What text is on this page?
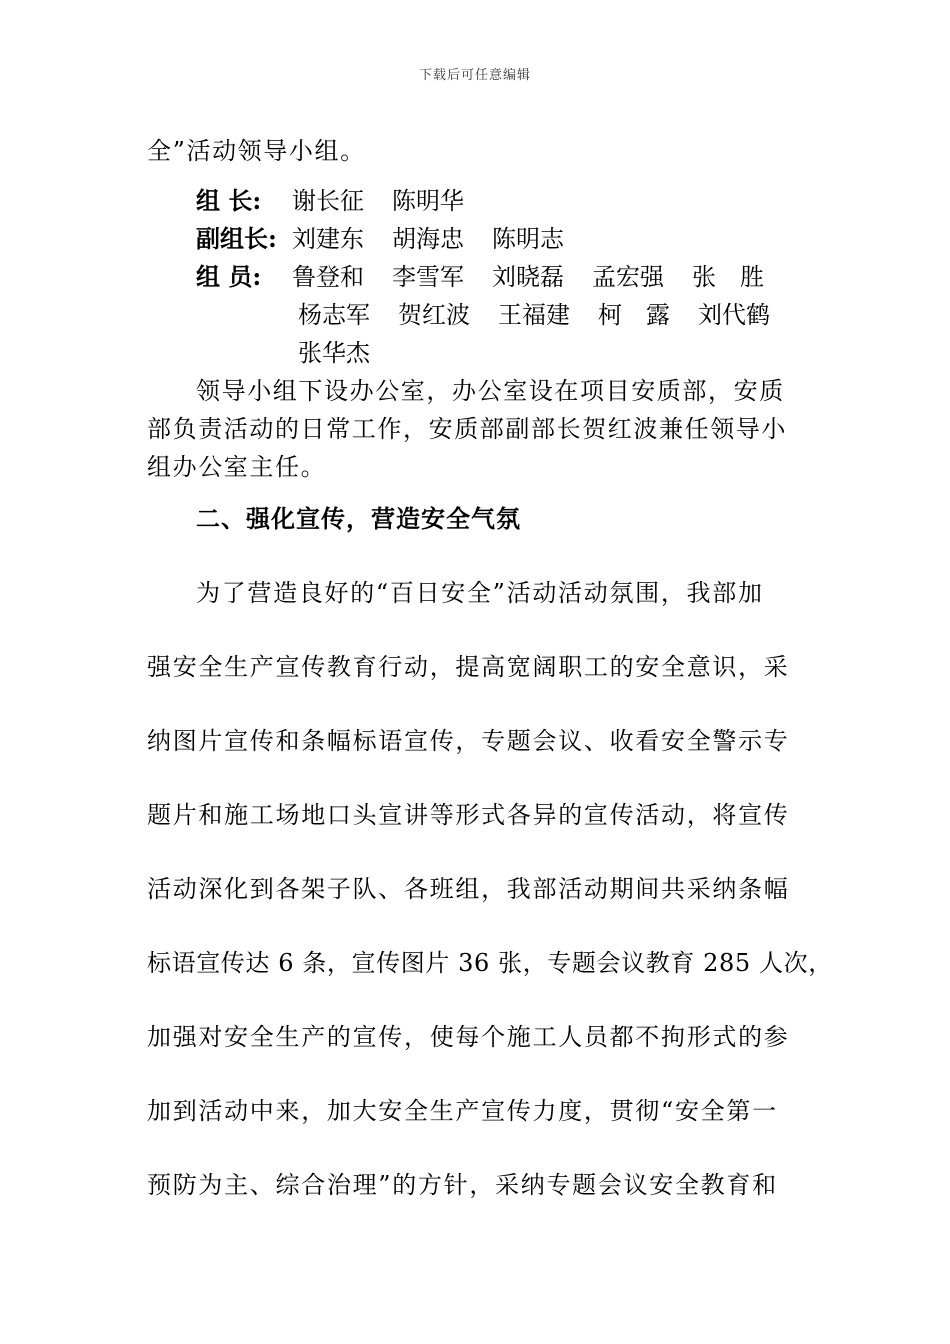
下载后可任意编辑
全”活动领导小组。
组 长: 谢长征 陈明华
副组长: 刘建东 胡海忠 陈明志
组 员: 鲁登和 李雪军 刘晓磊 孟宏强 张　胜
杨志军 贺红波 王福建 柯　露 刘代鹤
张华杰
领导小组下设办公室，办公室设在项目安质部，安质
部负责活动的日常工作，安质部副部长贺红波兼任领导小
组办公室主任。
二、强化宣传，营造安全气氛
为了营造良好的“百日安全”活动活动氛围，我部加
强安全生产宣传教育行动，提高宽阔职工的安全意识，采
纳图片宣传和条幅标语宣传，专题会议、收看安全警示专
题片和施工场地口头宣讲等形式各异的宣传活动，将宣传
活动深化到各架子队、各班组，我部活动期间共采纳条幅
标语宣传达 6 条，宣传图片 36 张，专题会议教育 285 人次，
加强对安全生产的宣传，使每个施工人员都不拘形式的参
加到活动中来，加大安全生产宣传力度，贯彻“安全第一
预防为主、综合治理”的方针，采纳专题会议安全教育和
